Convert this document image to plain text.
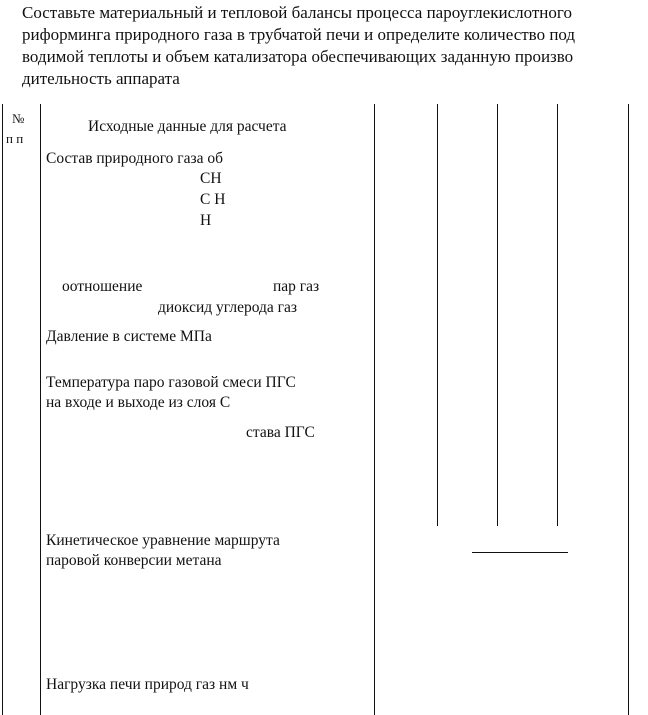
Составьте материальный и тепловой балансы процесса пароуглекислотного
риформинга природного газа в трубчатой печи и определите количество под
водимой теплоты и объем катализатора обеспечивающих заданную произво
дительность аппарата
№
п п
Исходные данные для расчета
Состав природного газа об
CH
C H
H
оотношение	пар газ
диоксид углерода газ
Давление в системе МПа
Температура паро газовой смеси ПГС
на входе и выходе из слоя С
става ПГС
Кинетическое уравнение маршрута
паровой конверсии метана
Нагрузка печи природ газ нм ч
